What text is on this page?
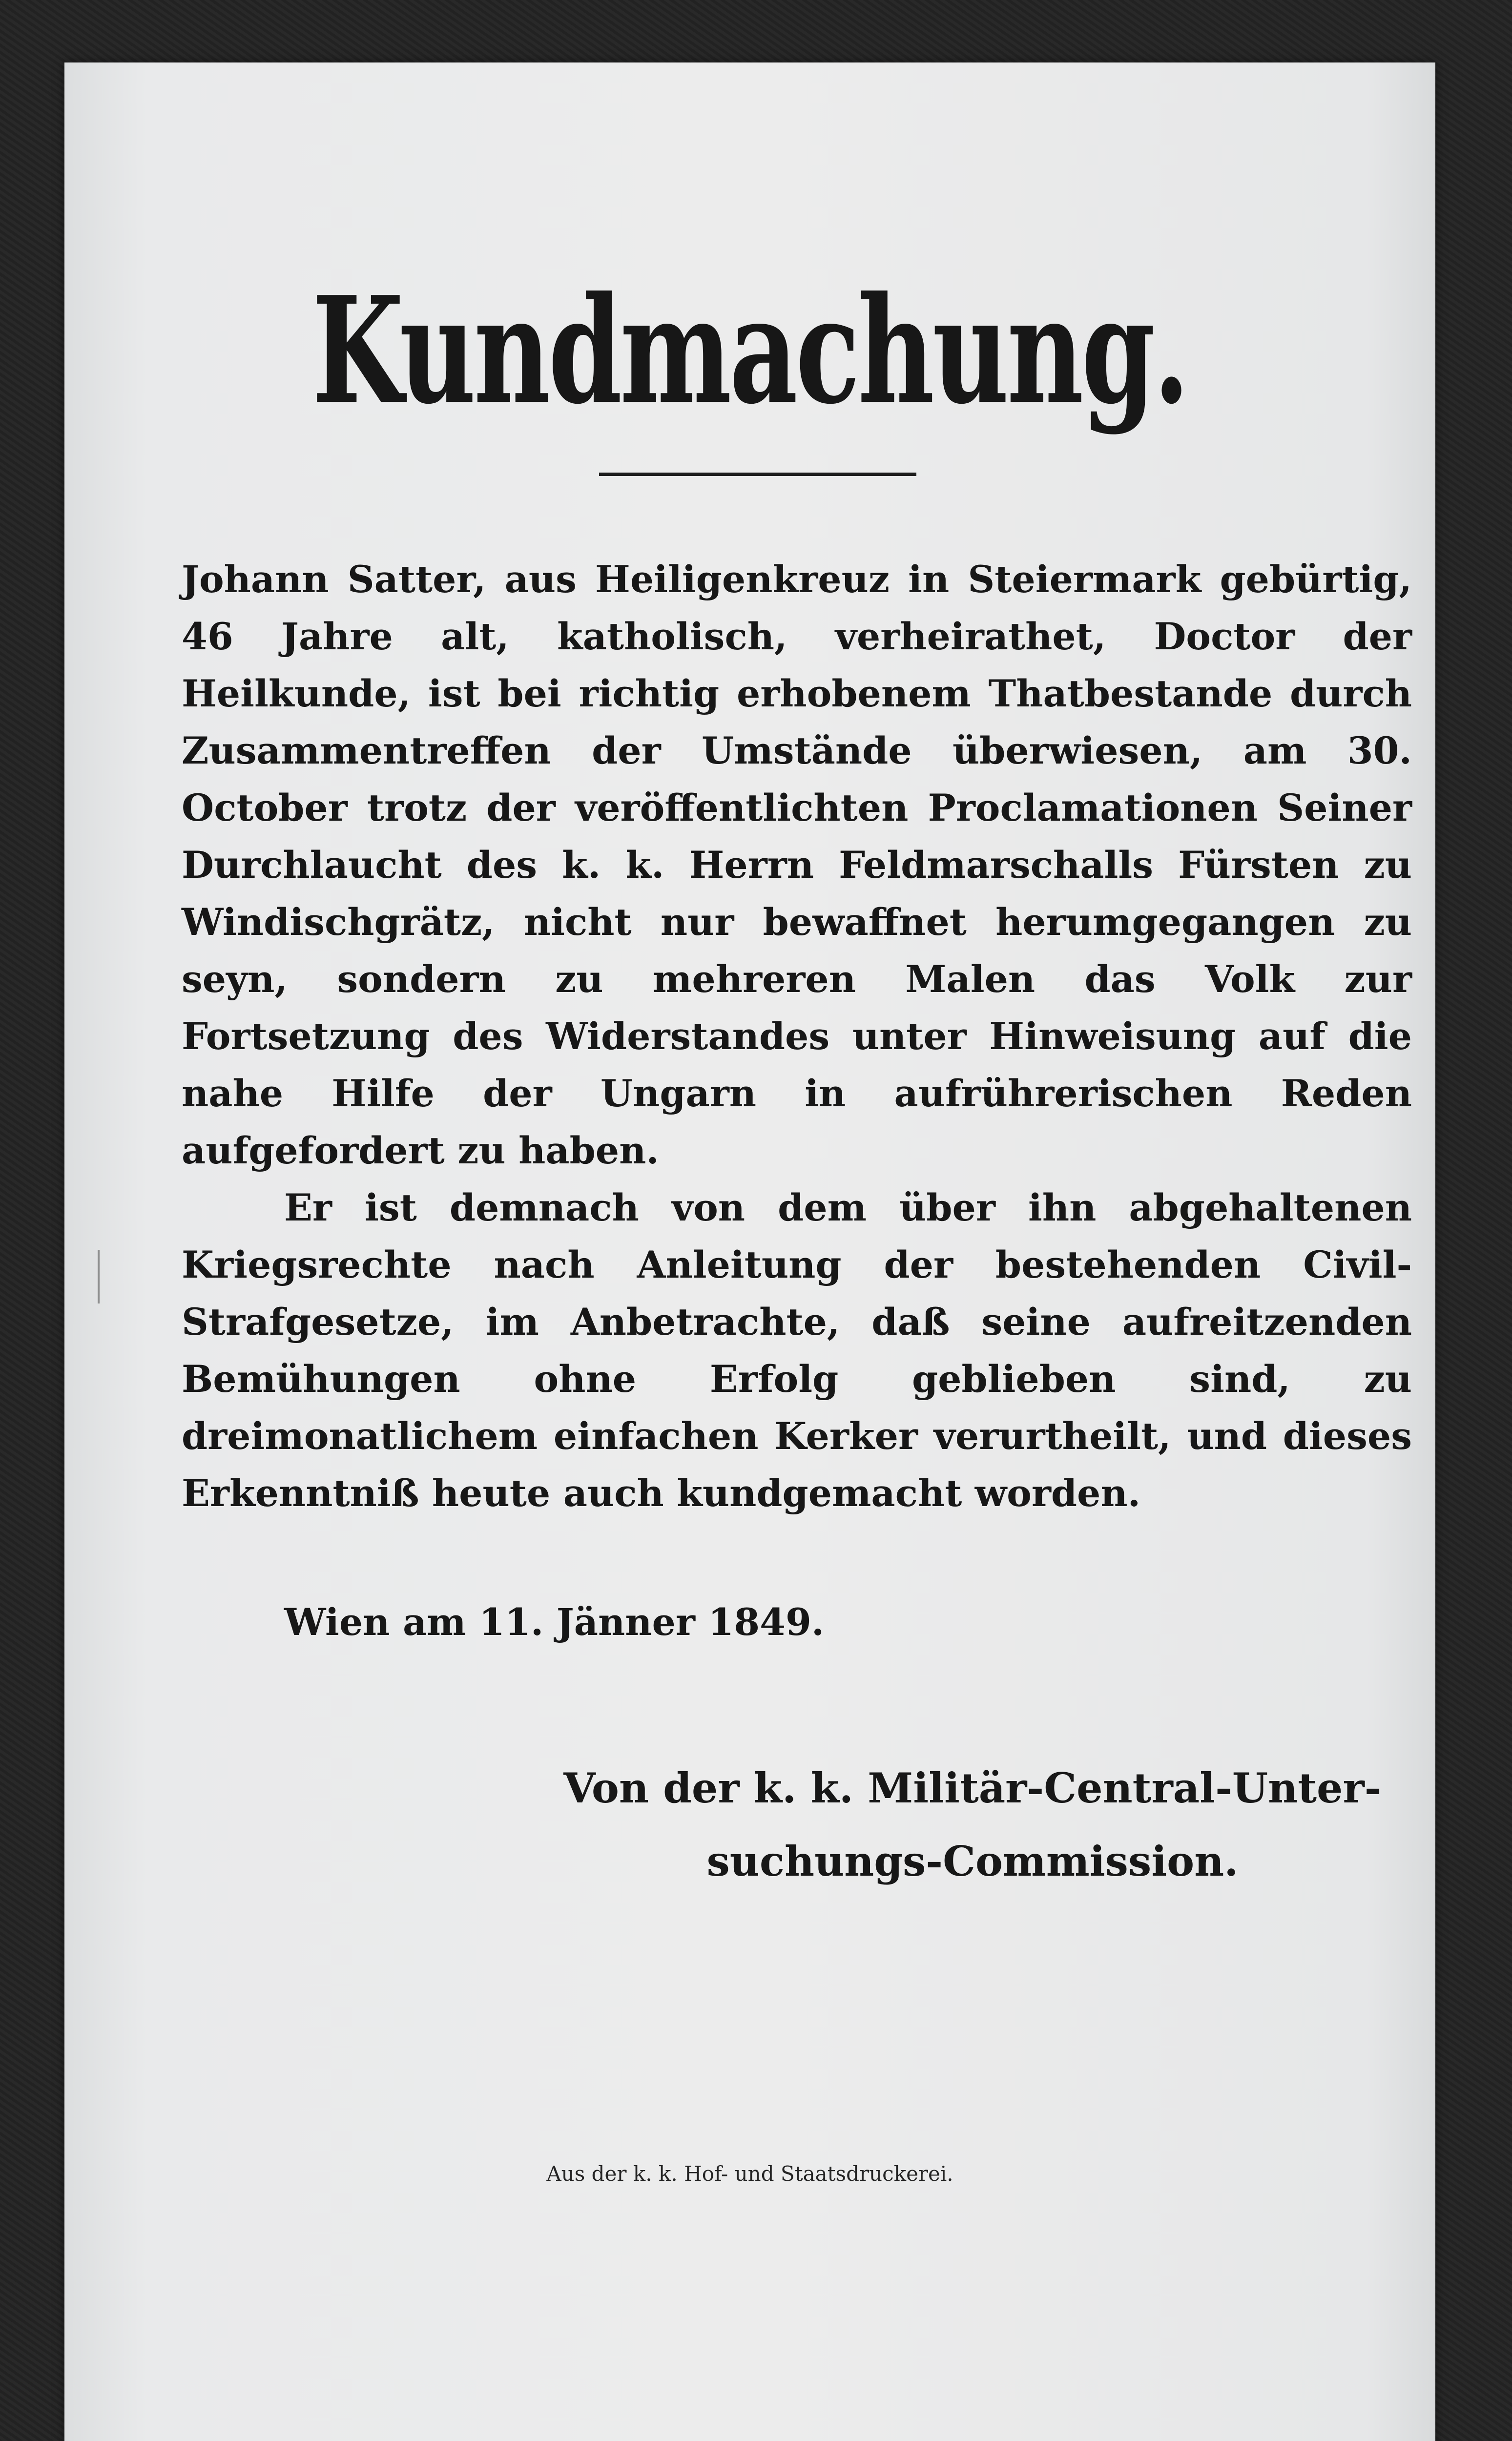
Kundmachung.

Johann Satter, aus Heiligenkreuz in Steiermark gebürtig, 46 Jahre alt, katholisch, verheirathet, Doctor der Heilkunde, ist bei richtig erhobenem Thatbestande durch Zusammentreffen der Umstände überwiesen, am 30. October trotz der veröffentlichten Proclamationen Seiner Durchlaucht des k. k. Herrn Feldmarschalls Fürsten zu Windischgrätz, nicht nur bewaffnet herumgegangen zu seyn, sondern zu mehreren Malen das Volk zur Fortsetzung des Widerstandes unter Hinweisung auf die nahe Hilfe der Ungarn in aufrührerischen Reden aufgefordert zu haben.

Er ist demnach von dem über ihn abgehaltenen Kriegsrechte nach Anleitung der bestehenden Civil-Strafgesetze, im Anbetrachte, daß seine aufreitzenden Bemühungen ohne Erfolg geblieben sind, zu dreimonatlichem einfachen Kerker verurtheilt, und dieses Erkenntniß heute auch kundgemacht worden.

Wien am 11. Jänner 1849.
Von der k. k. Militär-Central-Unter-
suchungs-Commission.
Aus der k. k. Hof- und Staatsdruckerei.
